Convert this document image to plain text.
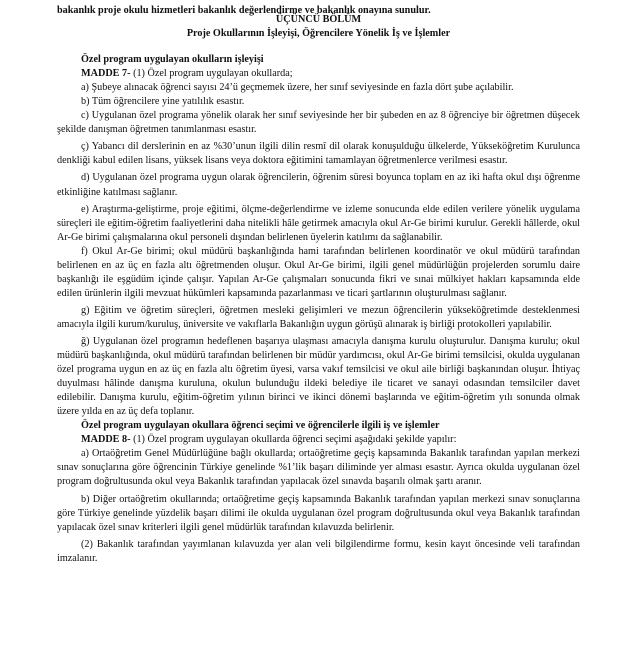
bakanlık proje okulu hizmetleri bakanlık değerlendirme ve bakanlık onayına sunulur.
ÜÇÜNCÜ BÖLÜM
Proje Okullarının İşleyişi, Öğrencilere Yönelik İş ve İşlemler
Özel program uygulayan okulların işleyişi

MADDE 7- (1) Özel program uygulayan okullarda;

a) Şubeye alınacak öğrenci sayısı 24’ü geçmemek üzere, her sınıf seviyesinde en fazla dört şube açılabilir.

b) Tüm öğrencilere yine yatılılık esastır.

c) Uygulanan özel programa yönelik olarak her sınıf seviyesinde her bir şubeden en az 8 öğrenciye bir öğretmen düşecek şekilde danışman öğretmen tanımlanması esastır.

ç) Yabancı dil derslerinin en az %30’unun ilgili dilin resmî dil olarak konuşulduğu ülkelerde, Yükseköğretim Kurulunca denkliği kabul edilen lisans, yüksek lisans veya doktora eğitimini tamamlayan öğretmenlerce verilmesi esastır.

d) Uygulanan özel programa uygun olarak öğrencilerin, öğrenim süresi boyunca toplam en az iki hafta okul dışı öğrenme etkinliğine katılması sağlanır.

e) Araştırma-geliştirme, proje eğitimi, ölçme-değerlendirme ve izleme sonucunda elde edilen verilere yönelik uygulama süreçleri ile eğitim-öğretim faaliyetlerini daha nitelikli hâle getirmek amacıyla okul Ar-Ge birimi kurulur. Gerekli hâllerde, okul Ar-Ge birimi çalışmalarına okul personeli dışından belirlenen üyelerin katılımı da sağlanabilir.

f) Okul Ar-Ge birimi; okul müdürü başkanlığında hami tarafından belirlenen koordinatör ve okul müdürü tarafından belirlenen en az üç en fazla altı öğretmenden oluşur. Okul Ar-Ge birimi, ilgili genel müdürlüğün projelerden sorumlu daire başkanlığı ile eşgüdüm içinde çalışır. Yapılan Ar-Ge çalışmaları sonucunda fikri ve sınai mülkiyet hakları kapsamında elde edilen ürünlerin ilgili mevzuat hükümleri kapsamında pazarlanması ve ticari şartlarının oluşturulması sağlanır.

g) Eğitim ve öğretim süreçleri, öğretmen mesleki gelişimleri ve mezun öğrencilerin yükseköğretimde desteklenmesi amacıyla ilgili kurum/kuruluş, üniversite ve vakıflarla Bakanlığın uygun görüşü alınarak iş birliği protokolleri yapılabilir.

ğ) Uygulanan özel programın hedeflenen başarıya ulaşması amacıyla danışma kurulu oluşturulur. Danışma kurulu; okul müdürü başkanlığında, okul müdürü tarafından belirlenen bir müdür yardımcısı, okul Ar-Ge birimi temsilcisi, okulda uygulanan özel programa uygun en az üç en fazla altı öğretim üyesi, varsa vakıf temsilcisi ve okul aile birliği başkanından oluşur. İhtiyaç duyulması hâlinde danışma kuruluna, okulun bulunduğu ildeki belediye ile ticaret ve sanayi odasından temsilciler davet edilebilir. Danışma kurulu, eğitim-öğretim yılının birinci ve ikinci dönemi başlarında ve eğitim-öğretim yılı sonunda olmak üzere yılda en az üç defa toplanır.

Özel program uygulayan okullara öğrenci seçimi ve öğrencilerle ilgili iş ve işlemler

MADDE 8- (1) Özel program uygulayan okullarda öğrenci seçimi aşağıdaki şekilde yapılır:

a) Ortaöğretim Genel Müdürlüğüne bağlı okullarda; ortaöğretime geçiş kapsamında Bakanlık tarafından yapılan merkezi sınav sonuçlarına göre öğrencinin Türkiye genelinde %1’lik başarı diliminde yer alması esastır. Ayrıca okulda uygulanan özel program doğrultusunda okul veya Bakanlık tarafından yapılacak özel sınavda başarılı olmak şartı aranır.

b) Diğer ortaöğretim okullarında; ortaöğretime geçiş kapsamında Bakanlık tarafından yapılan merkezi sınav sonuçlarına göre Türkiye genelinde yüzdelik başarı dilimi ile okulda uygulanan özel program doğrultusunda okul veya Bakanlık tarafından yapılacak özel sınav kriterleri ilgili genel müdürlük tarafından kılavuzda belirlenir.

(2) Bakanlık tarafından yayımlanan kılavuzda yer alan veli bilgilendirme formu, kesin kayıt öncesinde veli tarafından imzalanır.
